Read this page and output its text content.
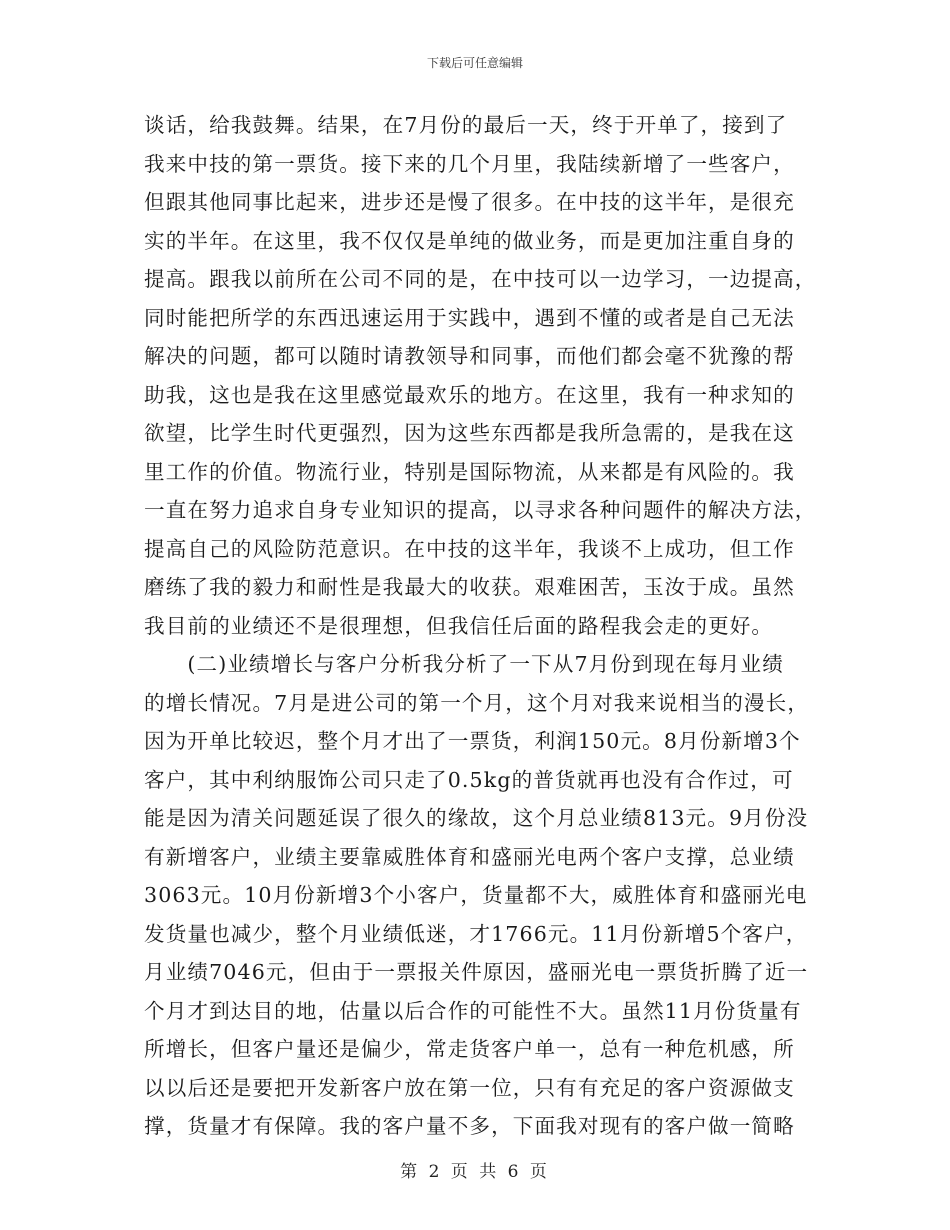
下载后可任意编辑

谈话，给我鼓舞。结果，在7月份的最后一天，终于开单了，接到了
我来中技的第一票货。接下来的几个月里，我陆续新增了一些客户，
但跟其他同事比起来，进步还是慢了很多。在中技的这半年，是很充
实的半年。在这里，我不仅仅是单纯的做业务，而是更加注重自身的
提高。跟我以前所在公司不同的是，在中技可以一边学习，一边提高，
同时能把所学的东西迅速运用于实践中，遇到不懂的或者是自己无法
解决的问题，都可以随时请教领导和同事，而他们都会毫不犹豫的帮
助我，这也是我在这里感觉最欢乐的地方。在这里，我有一种求知的
欲望，比学生时代更强烈，因为这些东西都是我所急需的，是我在这
里工作的价值。物流行业，特别是国际物流，从来都是有风险的。我
一直在努力追求自身专业知识的提高，以寻求各种问题件的解决方法，
提高自己的风险防范意识。在中技的这半年，我谈不上成功，但工作
磨练了我的毅力和耐性是我最大的收获。艰难困苦，玉汝于成。虽然
我目前的业绩还不是很理想，但我信任后面的路程我会走的更好。

　　(二)业绩增长与客户分析我分析了一下从7月份到现在每月业绩
的增长情况。7月是进公司的第一个月，这个月对我来说相当的漫长，
因为开单比较迟，整个月才出了一票货，利润150元。8月份新增3个
客户，其中利纳服饰公司只走了0.5kg的普货就再也没有合作过，可
能是因为清关问题延误了很久的缘故，这个月总业绩813元。9月份没
有新增客户，业绩主要靠威胜体育和盛丽光电两个客户支撑，总业绩
3063元。10月份新增3个小客户，货量都不大，威胜体育和盛丽光电
发货量也减少，整个月业绩低迷，才1766元。11月份新增5个客户，
月业绩7046元，但由于一票报关件原因，盛丽光电一票货折腾了近一
个月才到达目的地，估量以后合作的可能性不大。虽然11月份货量有
所增长，但客户量还是偏少，常走货客户单一，总有一种危机感，所
以以后还是要把开发新客户放在第一位，只有有充足的客户资源做支
撑，货量才有保障。我的客户量不多，下面我对现有的客户做一简略

第 2 页 共 6 页
